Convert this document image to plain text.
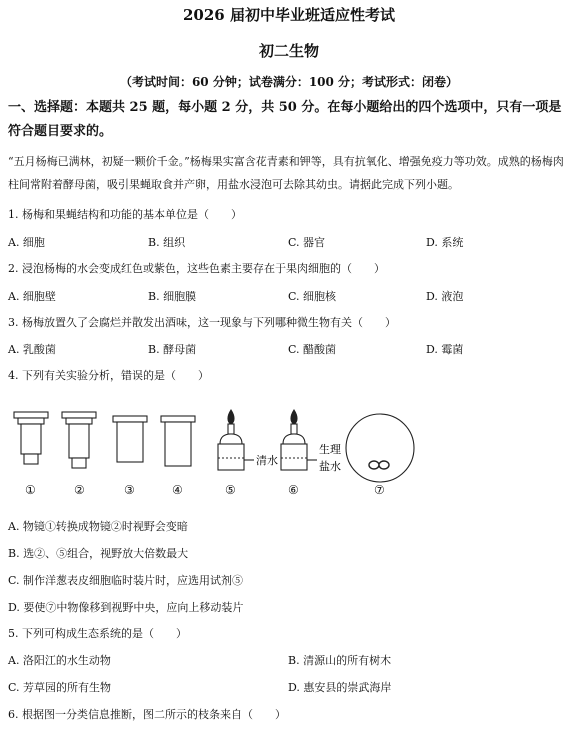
2026 届初中毕业班适应性考试
初二生物
（考试时间：60 分钟；试卷满分：100 分；考试形式：闭卷）
一、选择题：本题共 25 题，每小题 2 分，共 50 分。在每小题给出的四个选项中，只有一项是符合题目要求的。
“五月杨梅已满林，初疑一颗价千金。”杨梅果实富含花青素和钾等，具有抗氧化、增强免疫力等功效。成熟的杨梅肉柱间常附着酵母菌，吸引果蝇取食并产卵，用盐水浸泡可去除其幼虫。请据此完成下列小题。
1. 杨梅和果蝇结构和功能的基本单位是（　　）
A. 细胞	B. 组织	C. 器官	D. 系统
2. 浸泡杨梅的水会变成红色或紫色，这些色素主要存在于果肉细胞的（　　）
A. 细胞壁	B. 细胞膜	C. 细胞核	D. 液泡
3. 杨梅放置久了会腐烂并散发出酒味，这一现象与下列哪种微生物有关（　　）
A. 乳酸菌	B. 酵母菌	C. 醋酸菌	D. 霉菌
4. 下列有关实验分析，错误的是（　　）
清水
生理
盐水
①	②	③	④	⑤	⑥	⑦
A. 物镜①转换成物镜②时视野会变暗
B. 选②、⑤组合，视野放大倍数最大
C. 制作洋葱表皮细胞临时装片时，应选用试剂⑤
D. 要使⑦中物像移到视野中央，应向上移动装片
5. 下列可构成生态系统的是（　　）
A. 洛阳江的水生动物	B. 清源山的所有树木
C. 芳草园的所有生物	D. 惠安县的崇武海岸
6. 根据图一分类信息推断，图二所示的枝条来自（　　）
